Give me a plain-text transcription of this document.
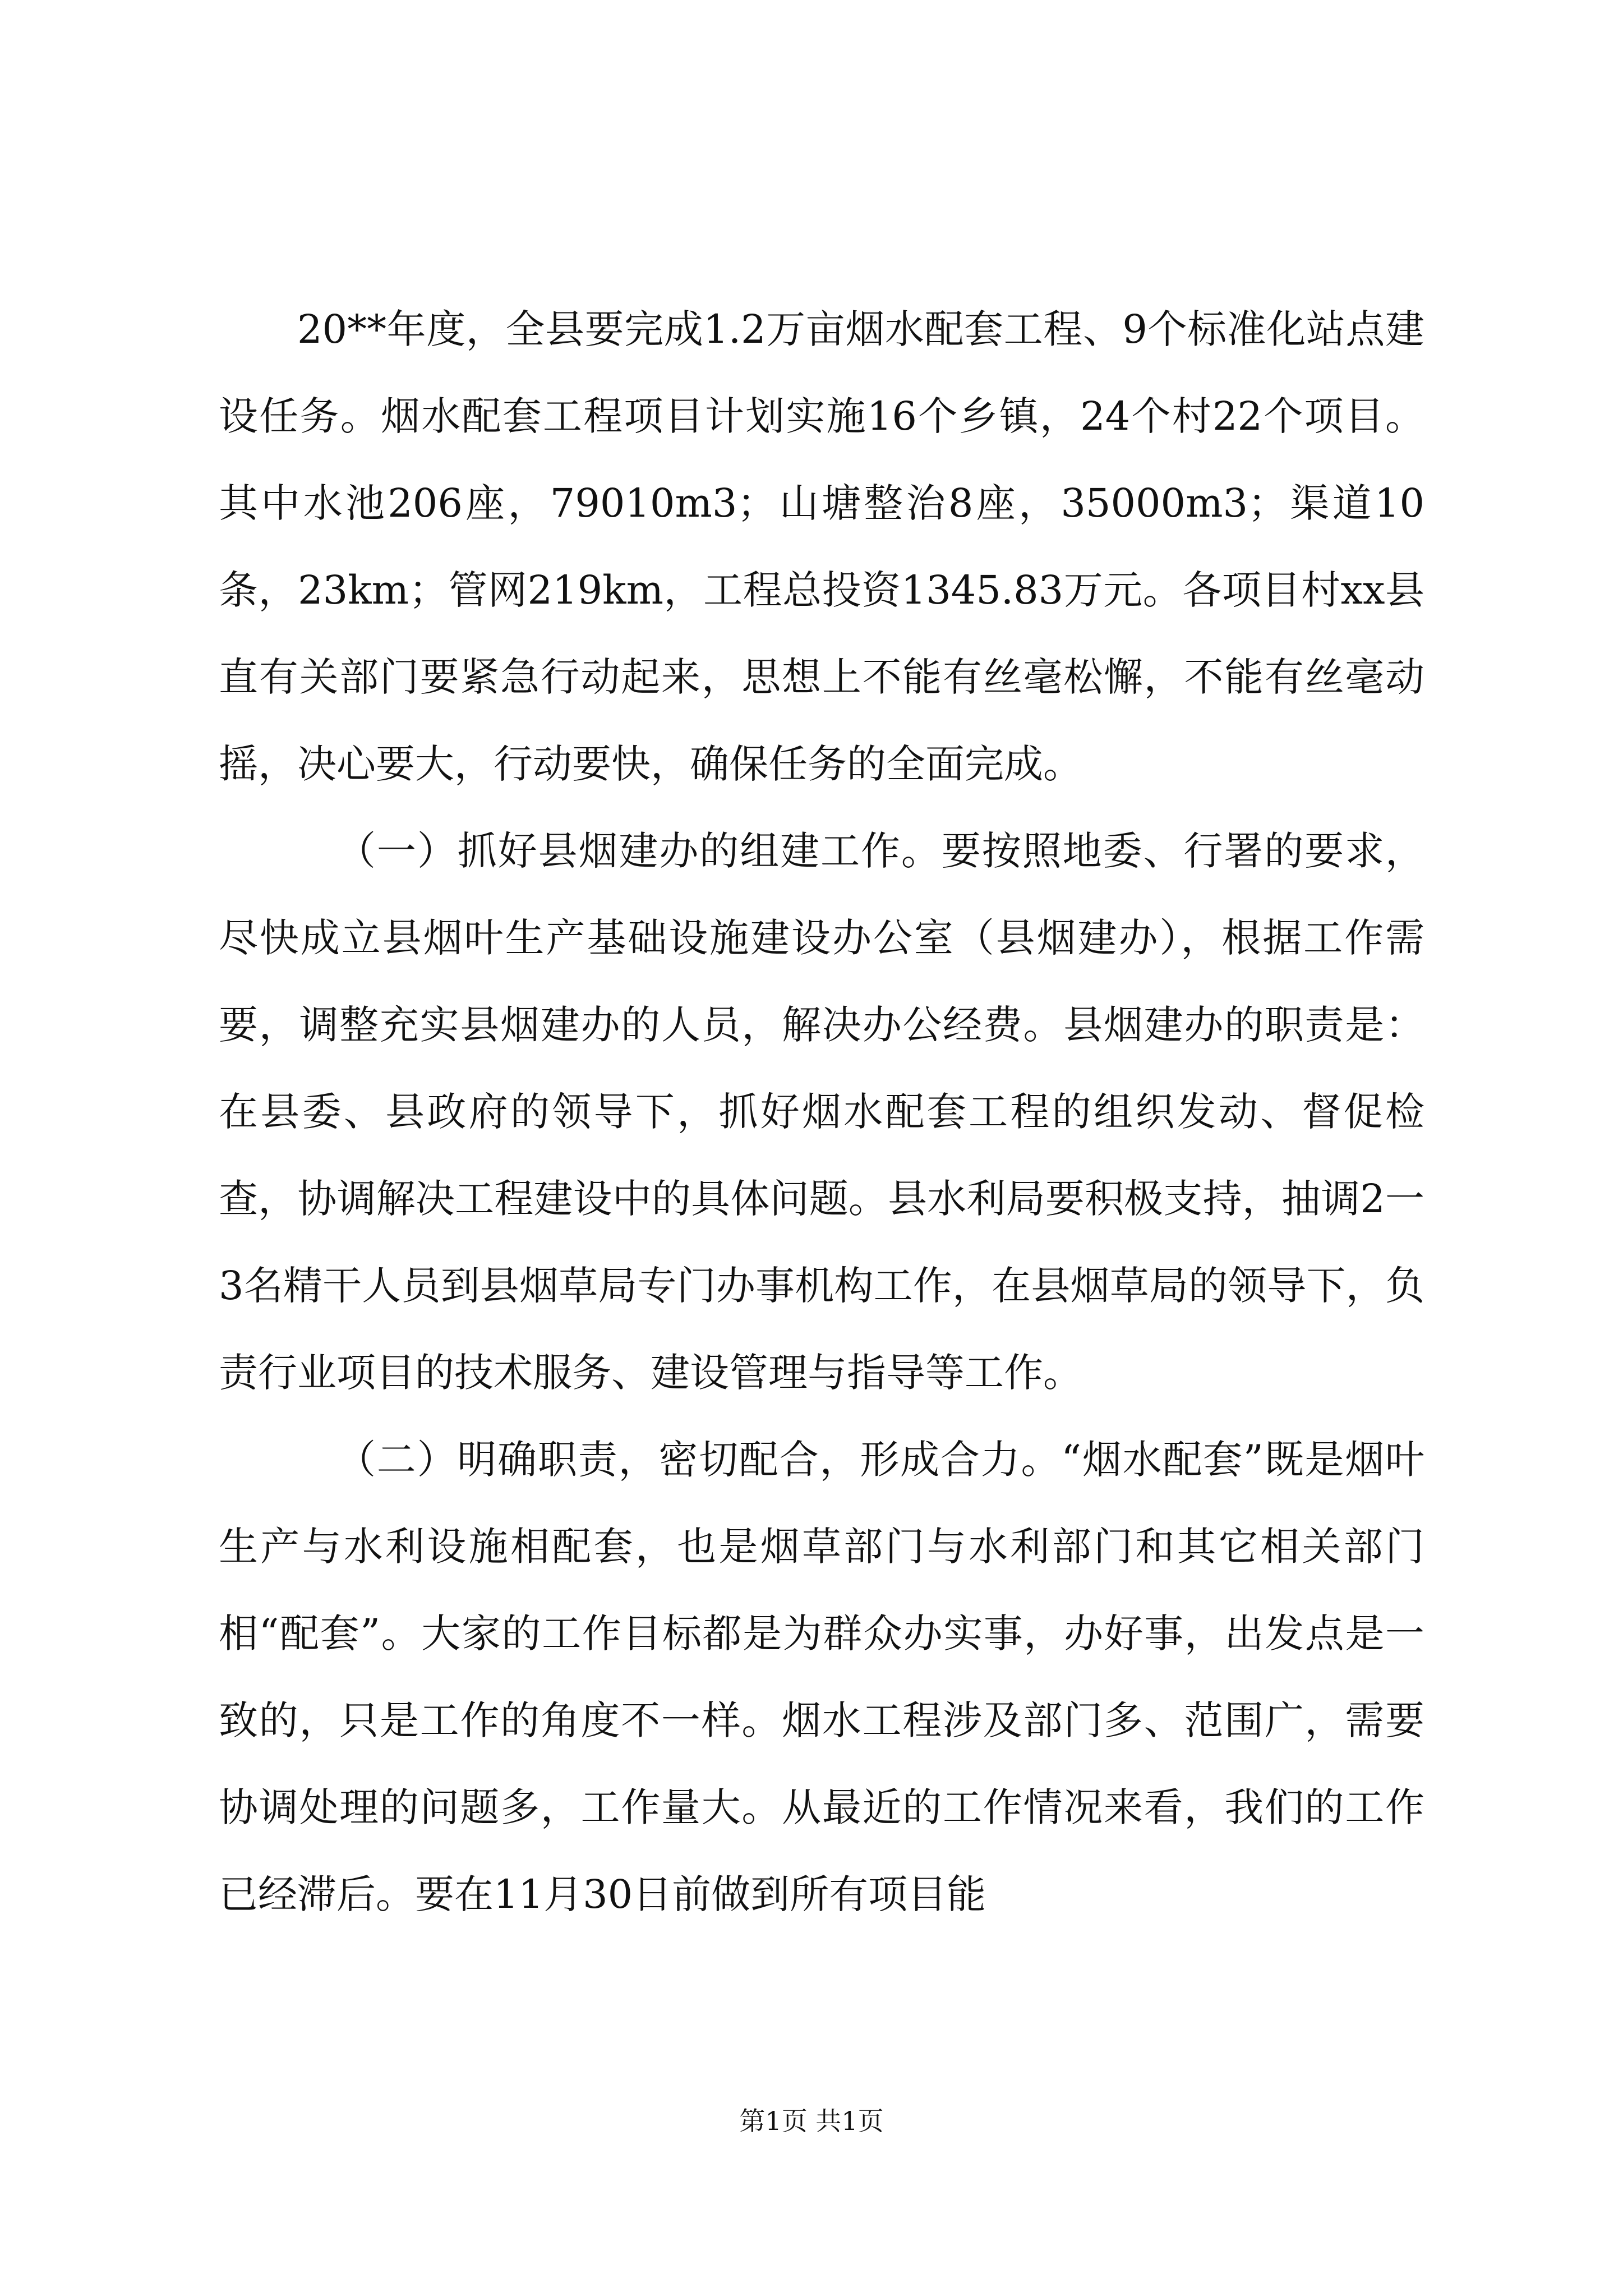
20**年度，全县要完成1.2万亩烟水配套工程、9个标准化站点建设任务。烟水配套工程项目计划实施16个乡镇，24个村22个项目。其中水池206座，79010m3；山塘整治8座，35000m3；渠道10条，23km；管网219km，工程总投资1345.83万元。各项目村xx县直有关部门要紧急行动起来，思想上不能有丝毫松懈，不能有丝毫动摇，决心要大，行动要快，确保任务的全面完成。

（一）抓好县烟建办的组建工作。要按照地委、行署的要求，尽快成立县烟叶生产基础设施建设办公室（县烟建办），根据工作需要，调整充实县烟建办的人员，解决办公经费。县烟建办的职责是：在县委、县政府的领导下，抓好烟水配套工程的组织发动、督促检查，协调解决工程建设中的具体问题。县水利局要积极支持，抽调2一3名精干人员到县烟草局专门办事机构工作，在县烟草局的领导下，负责行业项目的技术服务、建设管理与指导等工作。

（二）明确职责，密切配合，形成合力。“烟水配套”既是烟叶生产与水利设施相配套，也是烟草部门与水利部门和其它相关部门相“配套”。大家的工作目标都是为群众办实事，办好事，出发点是一致的，只是工作的角度不一样。烟水工程涉及部门多、范围广，需要协调处理的问题多，工作量大。从最近的工作情况来看，我们的工作已经滞后。要在11月30日前做到所有项目能

第1页 共1页
